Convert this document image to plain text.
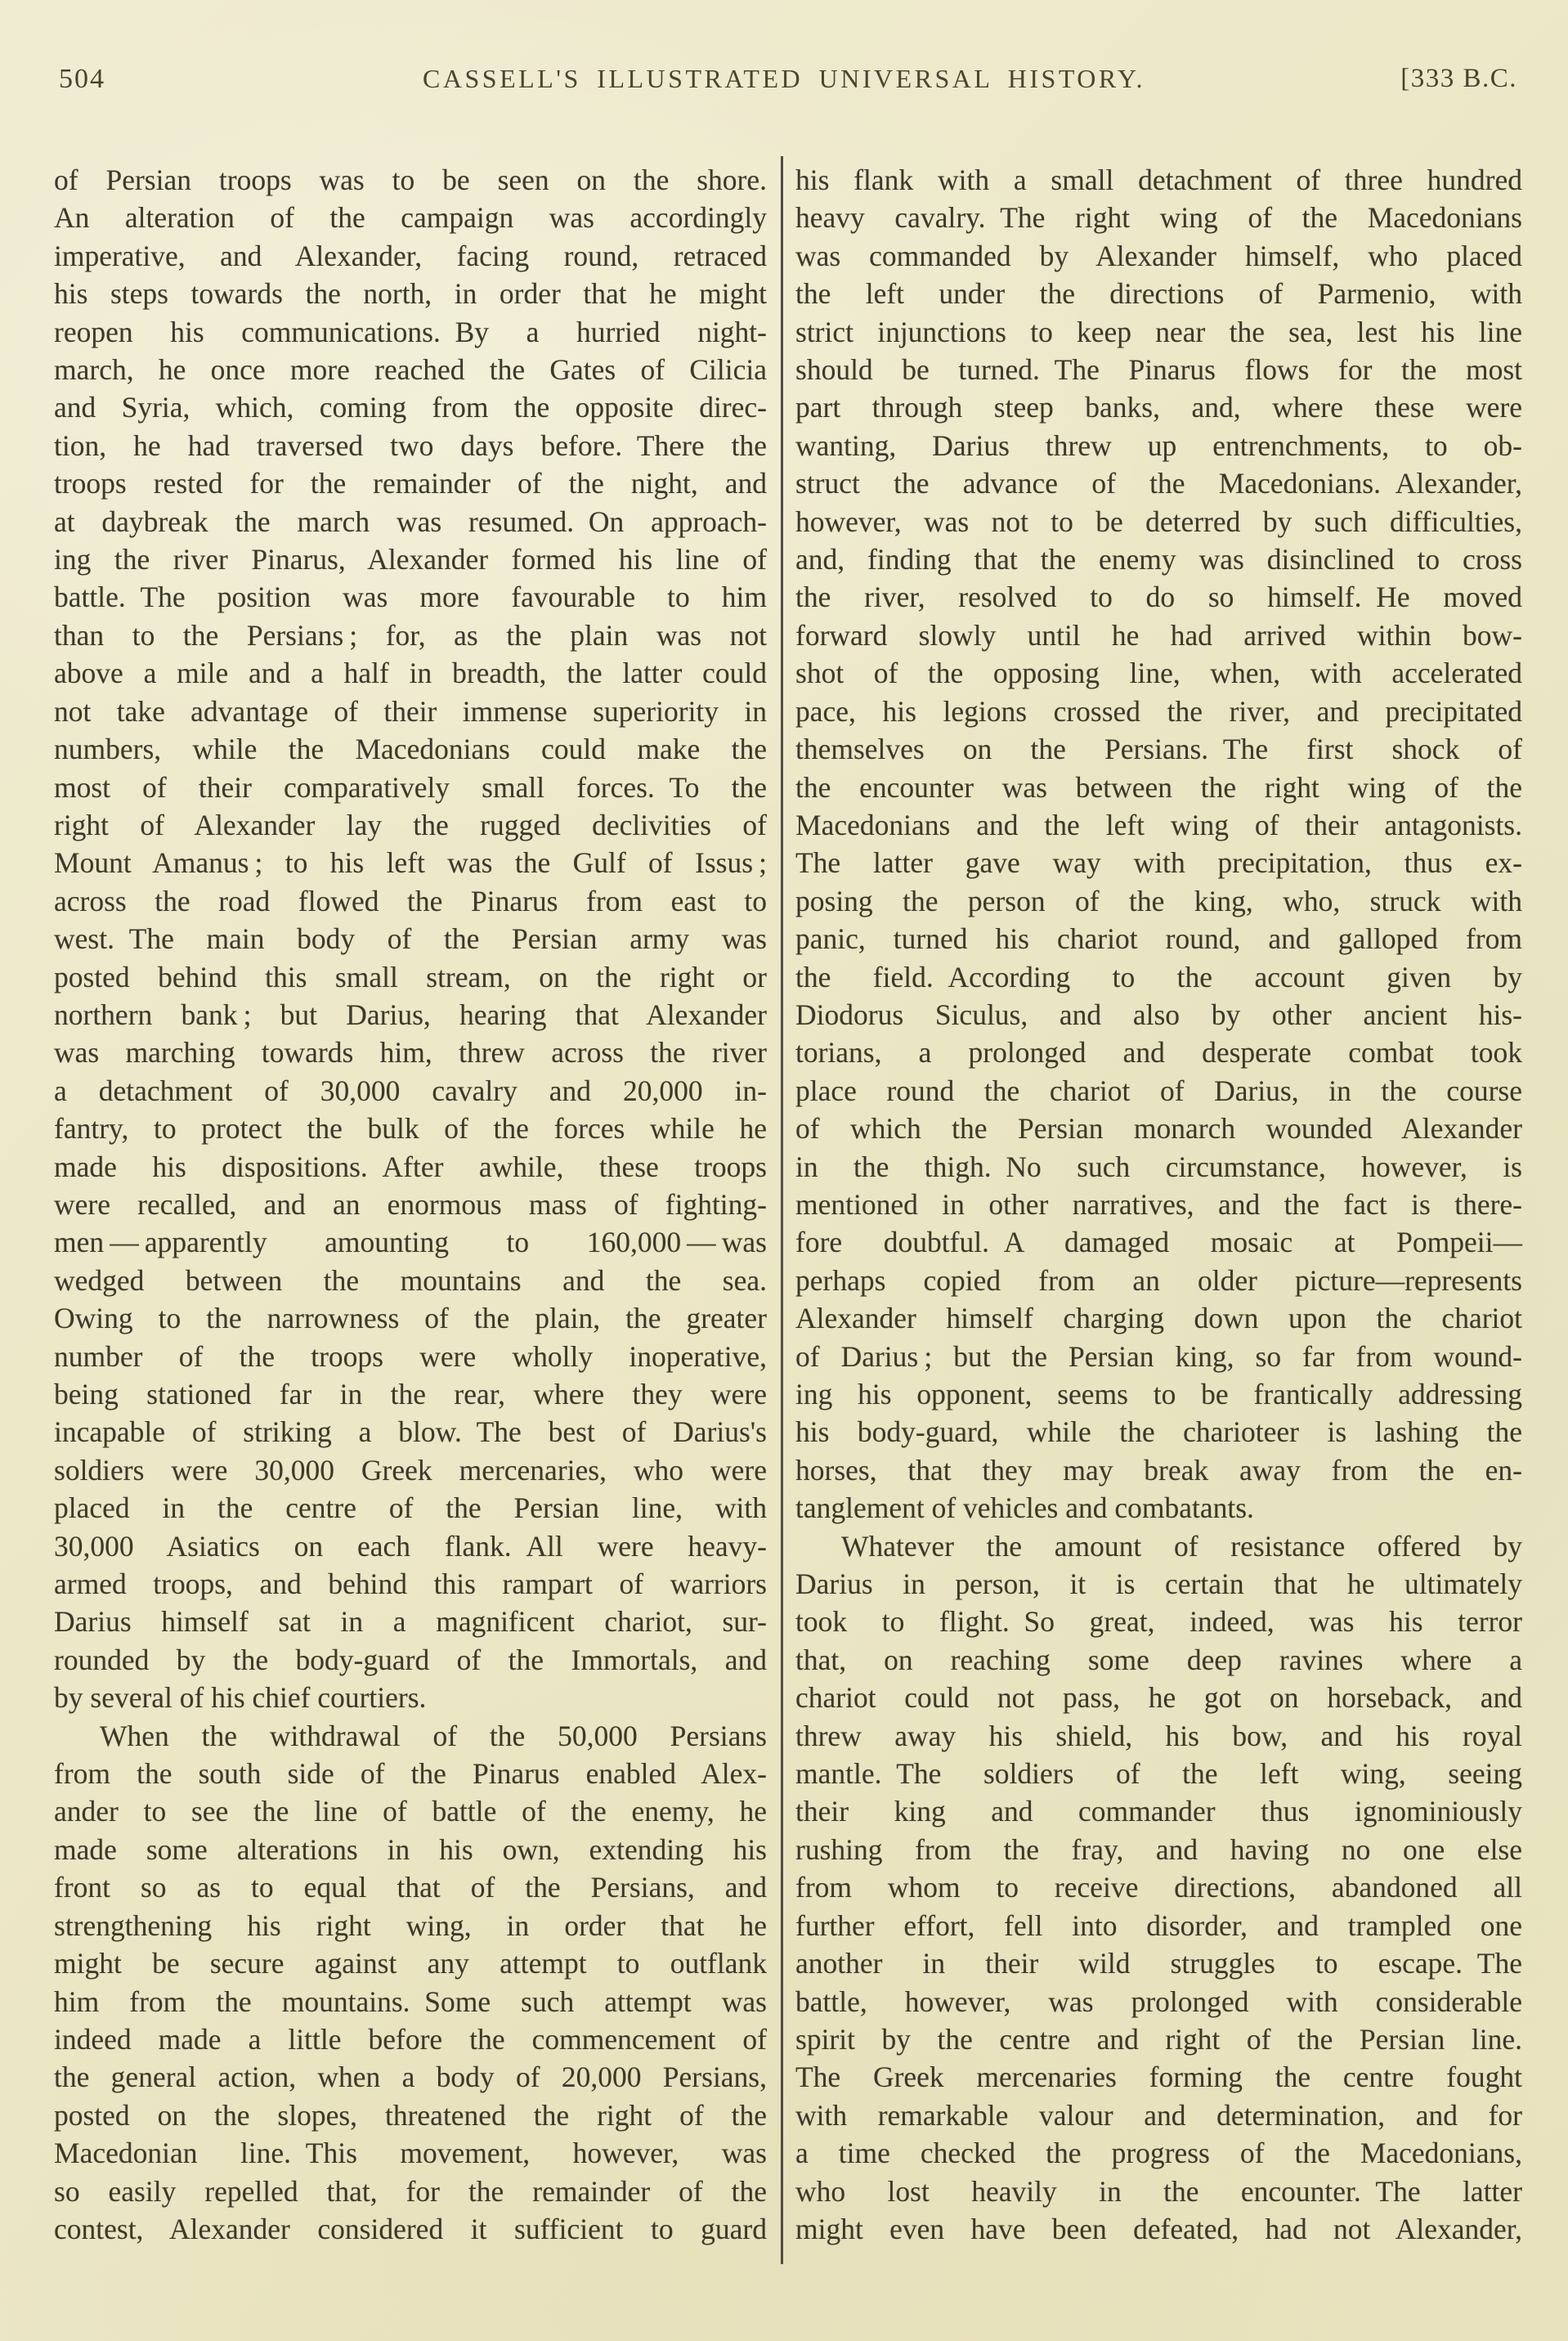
504	CASSELL'S ILLUSTRATED UNIVERSAL HISTORY.	[333 B.C.
of Persian troops was to be seen on the shore.
An alteration of the campaign was accordingly
imperative, and Alexander, facing round, retraced
his steps towards the north, in order that he might
reopen his communications. By a hurried night-
march, he once more reached the Gates of Cilicia
and Syria, which, coming from the opposite direc-
tion, he had traversed two days before. There the
troops rested for the remainder of the night, and
at daybreak the march was resumed. On approach-
ing the river Pinarus, Alexander formed his line of
battle. The position was more favourable to him
than to the Persians ; for, as the plain was not
above a mile and a half in breadth, the latter could
not take advantage of their immense superiority in
numbers, while the Macedonians could make the
most of their comparatively small forces. To the
right of Alexander lay the rugged declivities of
Mount Amanus ; to his left was the Gulf of Issus ;
across the road flowed the Pinarus from east to
west. The main body of the Persian army was
posted behind this small stream, on the right or
northern bank ; but Darius, hearing that Alexander
was marching towards him, threw across the river
a detachment of 30,000 cavalry and 20,000 in-
fantry, to protect the bulk of the forces while he
made his dispositions. After awhile, these troops
were recalled, and an enormous mass of fighting-
men — apparently amounting to 160,000 — was
wedged between the mountains and the sea.
Owing to the narrowness of the plain, the greater
number of the troops were wholly inoperative,
being stationed far in the rear, where they were
incapable of striking a blow. The best of Darius's
soldiers were 30,000 Greek mercenaries, who were
placed in the centre of the Persian line, with
30,000 Asiatics on each flank. All were heavy-
armed troops, and behind this rampart of warriors
Darius himself sat in a magnificent chariot, sur-
rounded by the body-guard of the Immortals, and
by several of his chief courtiers.
When the withdrawal of the 50,000 Persians
from the south side of the Pinarus enabled Alex-
ander to see the line of battle of the enemy, he
made some alterations in his own, extending his
front so as to equal that of the Persians, and
strengthening his right wing, in order that he
might be secure against any attempt to outflank
him from the mountains. Some such attempt was
indeed made a little before the commencement of
the general action, when a body of 20,000 Persians,
posted on the slopes, threatened the right of the
Macedonian line. This movement, however, was
so easily repelled that, for the remainder of the
contest, Alexander considered it sufficient to guard
his flank with a small detachment of three hundred
heavy cavalry. The right wing of the Macedonians
was commanded by Alexander himself, who placed
the left under the directions of Parmenio, with
strict injunctions to keep near the sea, lest his line
should be turned. The Pinarus flows for the most
part through steep banks, and, where these were
wanting, Darius threw up entrenchments, to ob-
struct the advance of the Macedonians. Alexander,
however, was not to be deterred by such difficulties,
and, finding that the enemy was disinclined to cross
the river, resolved to do so himself. He moved
forward slowly until he had arrived within bow-
shot of the opposing line, when, with accelerated
pace, his legions crossed the river, and precipitated
themselves on the Persians. The first shock of
the encounter was between the right wing of the
Macedonians and the left wing of their antagonists.
The latter gave way with precipitation, thus ex-
posing the person of the king, who, struck with
panic, turned his chariot round, and galloped from
the field. According to the account given by
Diodorus Siculus, and also by other ancient his-
torians, a prolonged and desperate combat took
place round the chariot of Darius, in the course
of which the Persian monarch wounded Alexander
in the thigh. No such circumstance, however, is
mentioned in other narratives, and the fact is there-
fore doubtful. A damaged mosaic at Pompeii—
perhaps copied from an older picture—represents
Alexander himself charging down upon the chariot
of Darius ; but the Persian king, so far from wound-
ing his opponent, seems to be frantically addressing
his body-guard, while the charioteer is lashing the
horses, that they may break away from the en-
tanglement of vehicles and combatants.
Whatever the amount of resistance offered by
Darius in person, it is certain that he ultimately
took to flight. So great, indeed, was his terror
that, on reaching some deep ravines where a
chariot could not pass, he got on horseback, and
threw away his shield, his bow, and his royal
mantle. The soldiers of the left wing, seeing
their king and commander thus ignominiously
rushing from the fray, and having no one else
from whom to receive directions, abandoned all
further effort, fell into disorder, and trampled one
another in their wild struggles to escape. The
battle, however, was prolonged with considerable
spirit by the centre and right of the Persian line.
The Greek mercenaries forming the centre fought
with remarkable valour and determination, and for
a time checked the progress of the Macedonians,
who lost heavily in the encounter. The latter
might even have been defeated, had not Alexander,
